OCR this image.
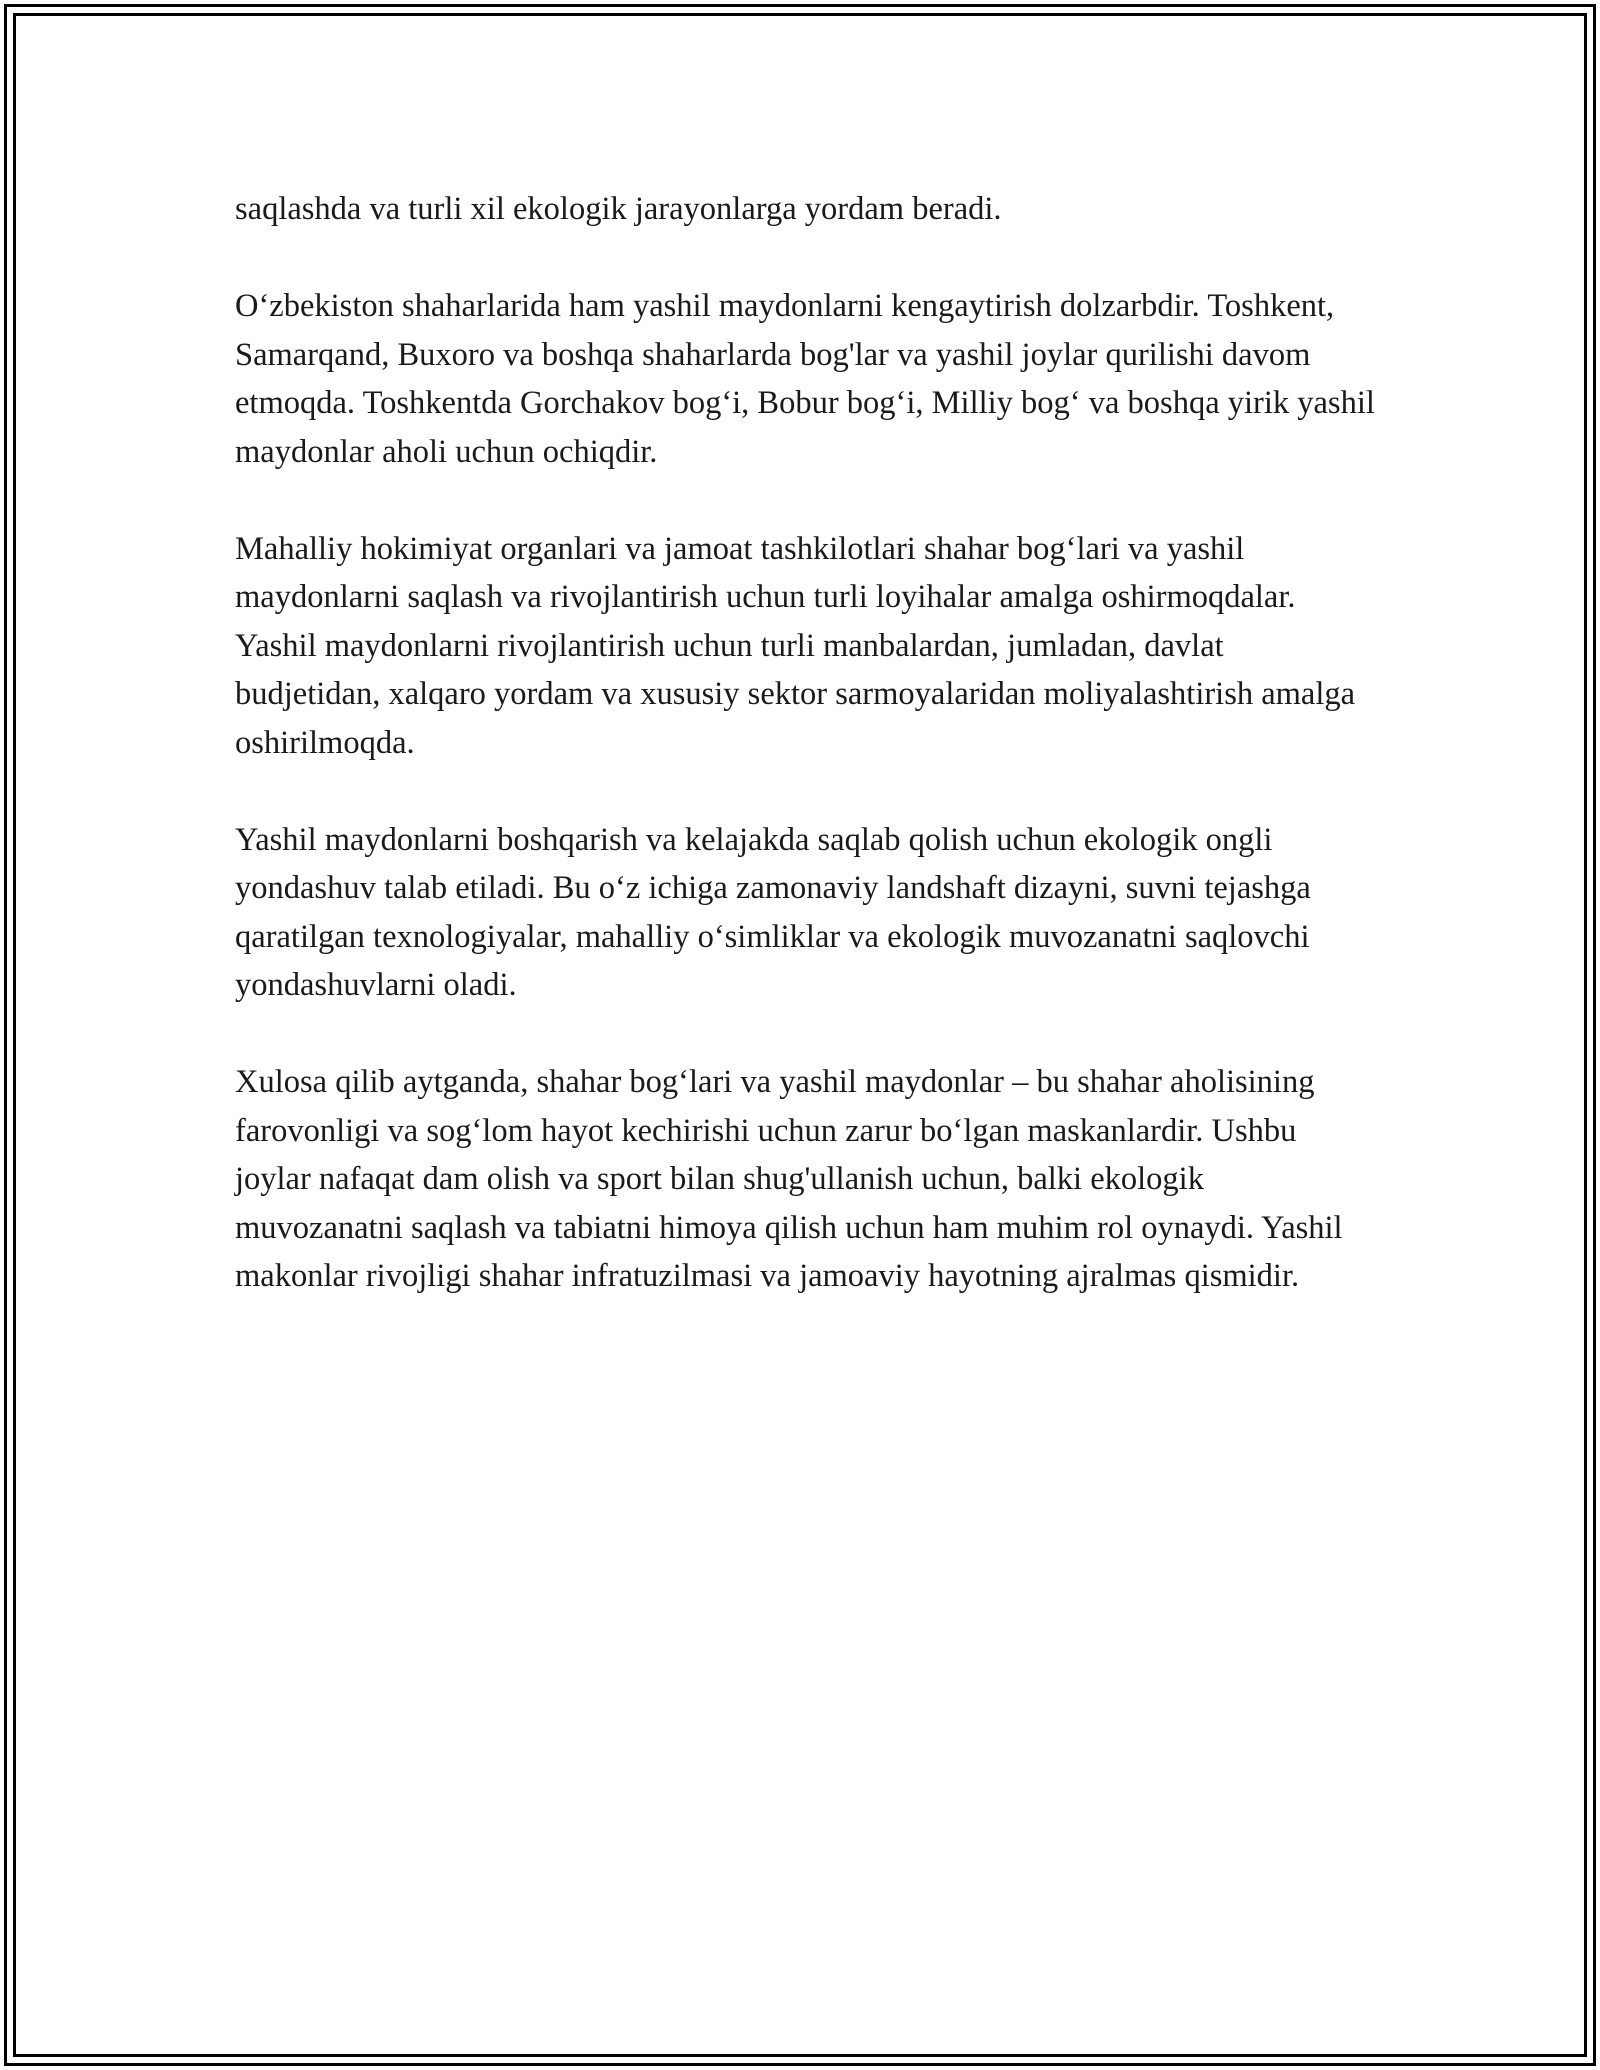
saqlashda va turli xil ekologik jarayonlarga yordam beradi.

O‘zbekiston shaharlarida ham yashil maydonlarni kengaytirish dolzarbdir. Toshkent, Samarqand, Buxoro va boshqa shaharlarda bog'lar va yashil joylar qurilishi davom etmoqda. Toshkentda Gorchakov bog‘i, Bobur bog‘i, Milliy bog‘ va boshqa yirik yashil maydonlar aholi uchun ochiqdir.

Mahalliy hokimiyat organlari va jamoat tashkilotlari shahar bog‘lari va yashil maydonlarni saqlash va rivojlantirish uchun turli loyihalar amalga oshirmoqdalar. Yashil maydonlarni rivojlantirish uchun turli manbalardan, jumladan, davlat budjetidan, xalqaro yordam va xususiy sektor sarmoyalaridan moliyalashtirish amalga oshirilmoqda.

Yashil maydonlarni boshqarish va kelajakda saqlab qolish uchun ekologik ongli yondashuv talab etiladi. Bu o‘z ichiga zamonaviy landshaft dizayni, suvni tejashga qaratilgan texnologiyalar, mahalliy o‘simliklar va ekologik muvozanatni saqlovchi yondashuvlarni oladi.

Xulosa qilib aytganda, shahar bog‘lari va yashil maydonlar – bu shahar aholisining farovonligi va sog‘lom hayot kechirishi uchun zarur bo‘lgan maskanlardir. Ushbu joylar nafaqat dam olish va sport bilan shug'ullanish uchun, balki ekologik muvozanatni saqlash va tabiatni himoya qilish uchun ham muhim rol oynaydi. Yashil makonlar rivojligi shahar infratuzilmasi va jamoaviy hayotning ajralmas qismidir.
